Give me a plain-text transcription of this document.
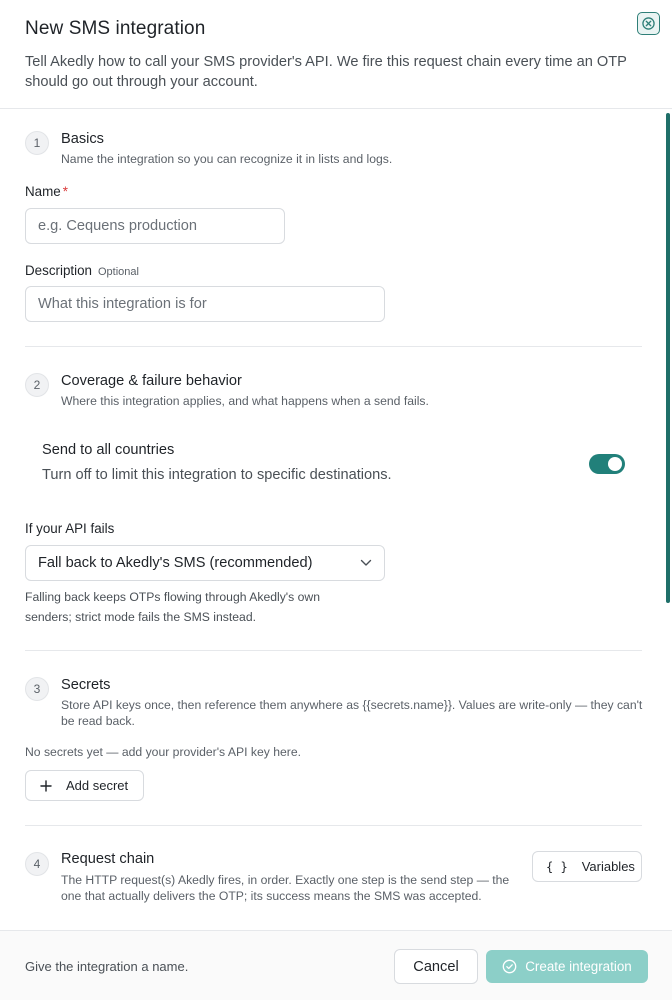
New SMS integration
Tell Akedly how to call your SMS provider's API. We fire this request chain every time an OTP should go out through your account.
1	Basics
Name the integration so you can recognize it in lists and logs.
Name *
e.g. Cequens production
Description Optional
What this integration is for
2	Coverage & failure behavior
Where this integration applies, and what happens when a send fails.
Send to all countries
Turn off to limit this integration to specific destinations.
If your API fails
Fall back to Akedly's SMS (recommended)
Falling back keeps OTPs flowing through Akedly's own senders; strict mode fails the SMS instead.
3	Secrets
Store API keys once, then reference them anywhere as {{secrets.name}}. Values are write-only — they can't be read back.
No secrets yet — add your provider's API key here.
Add secret
4	Request chain
The HTTP request(s) Akedly fires, in order. Exactly one step is the send step — the one that actually delivers the OTP; its success means the SMS was accepted.
{ } Variables
Give the integration a name.	Cancel	Create integration
